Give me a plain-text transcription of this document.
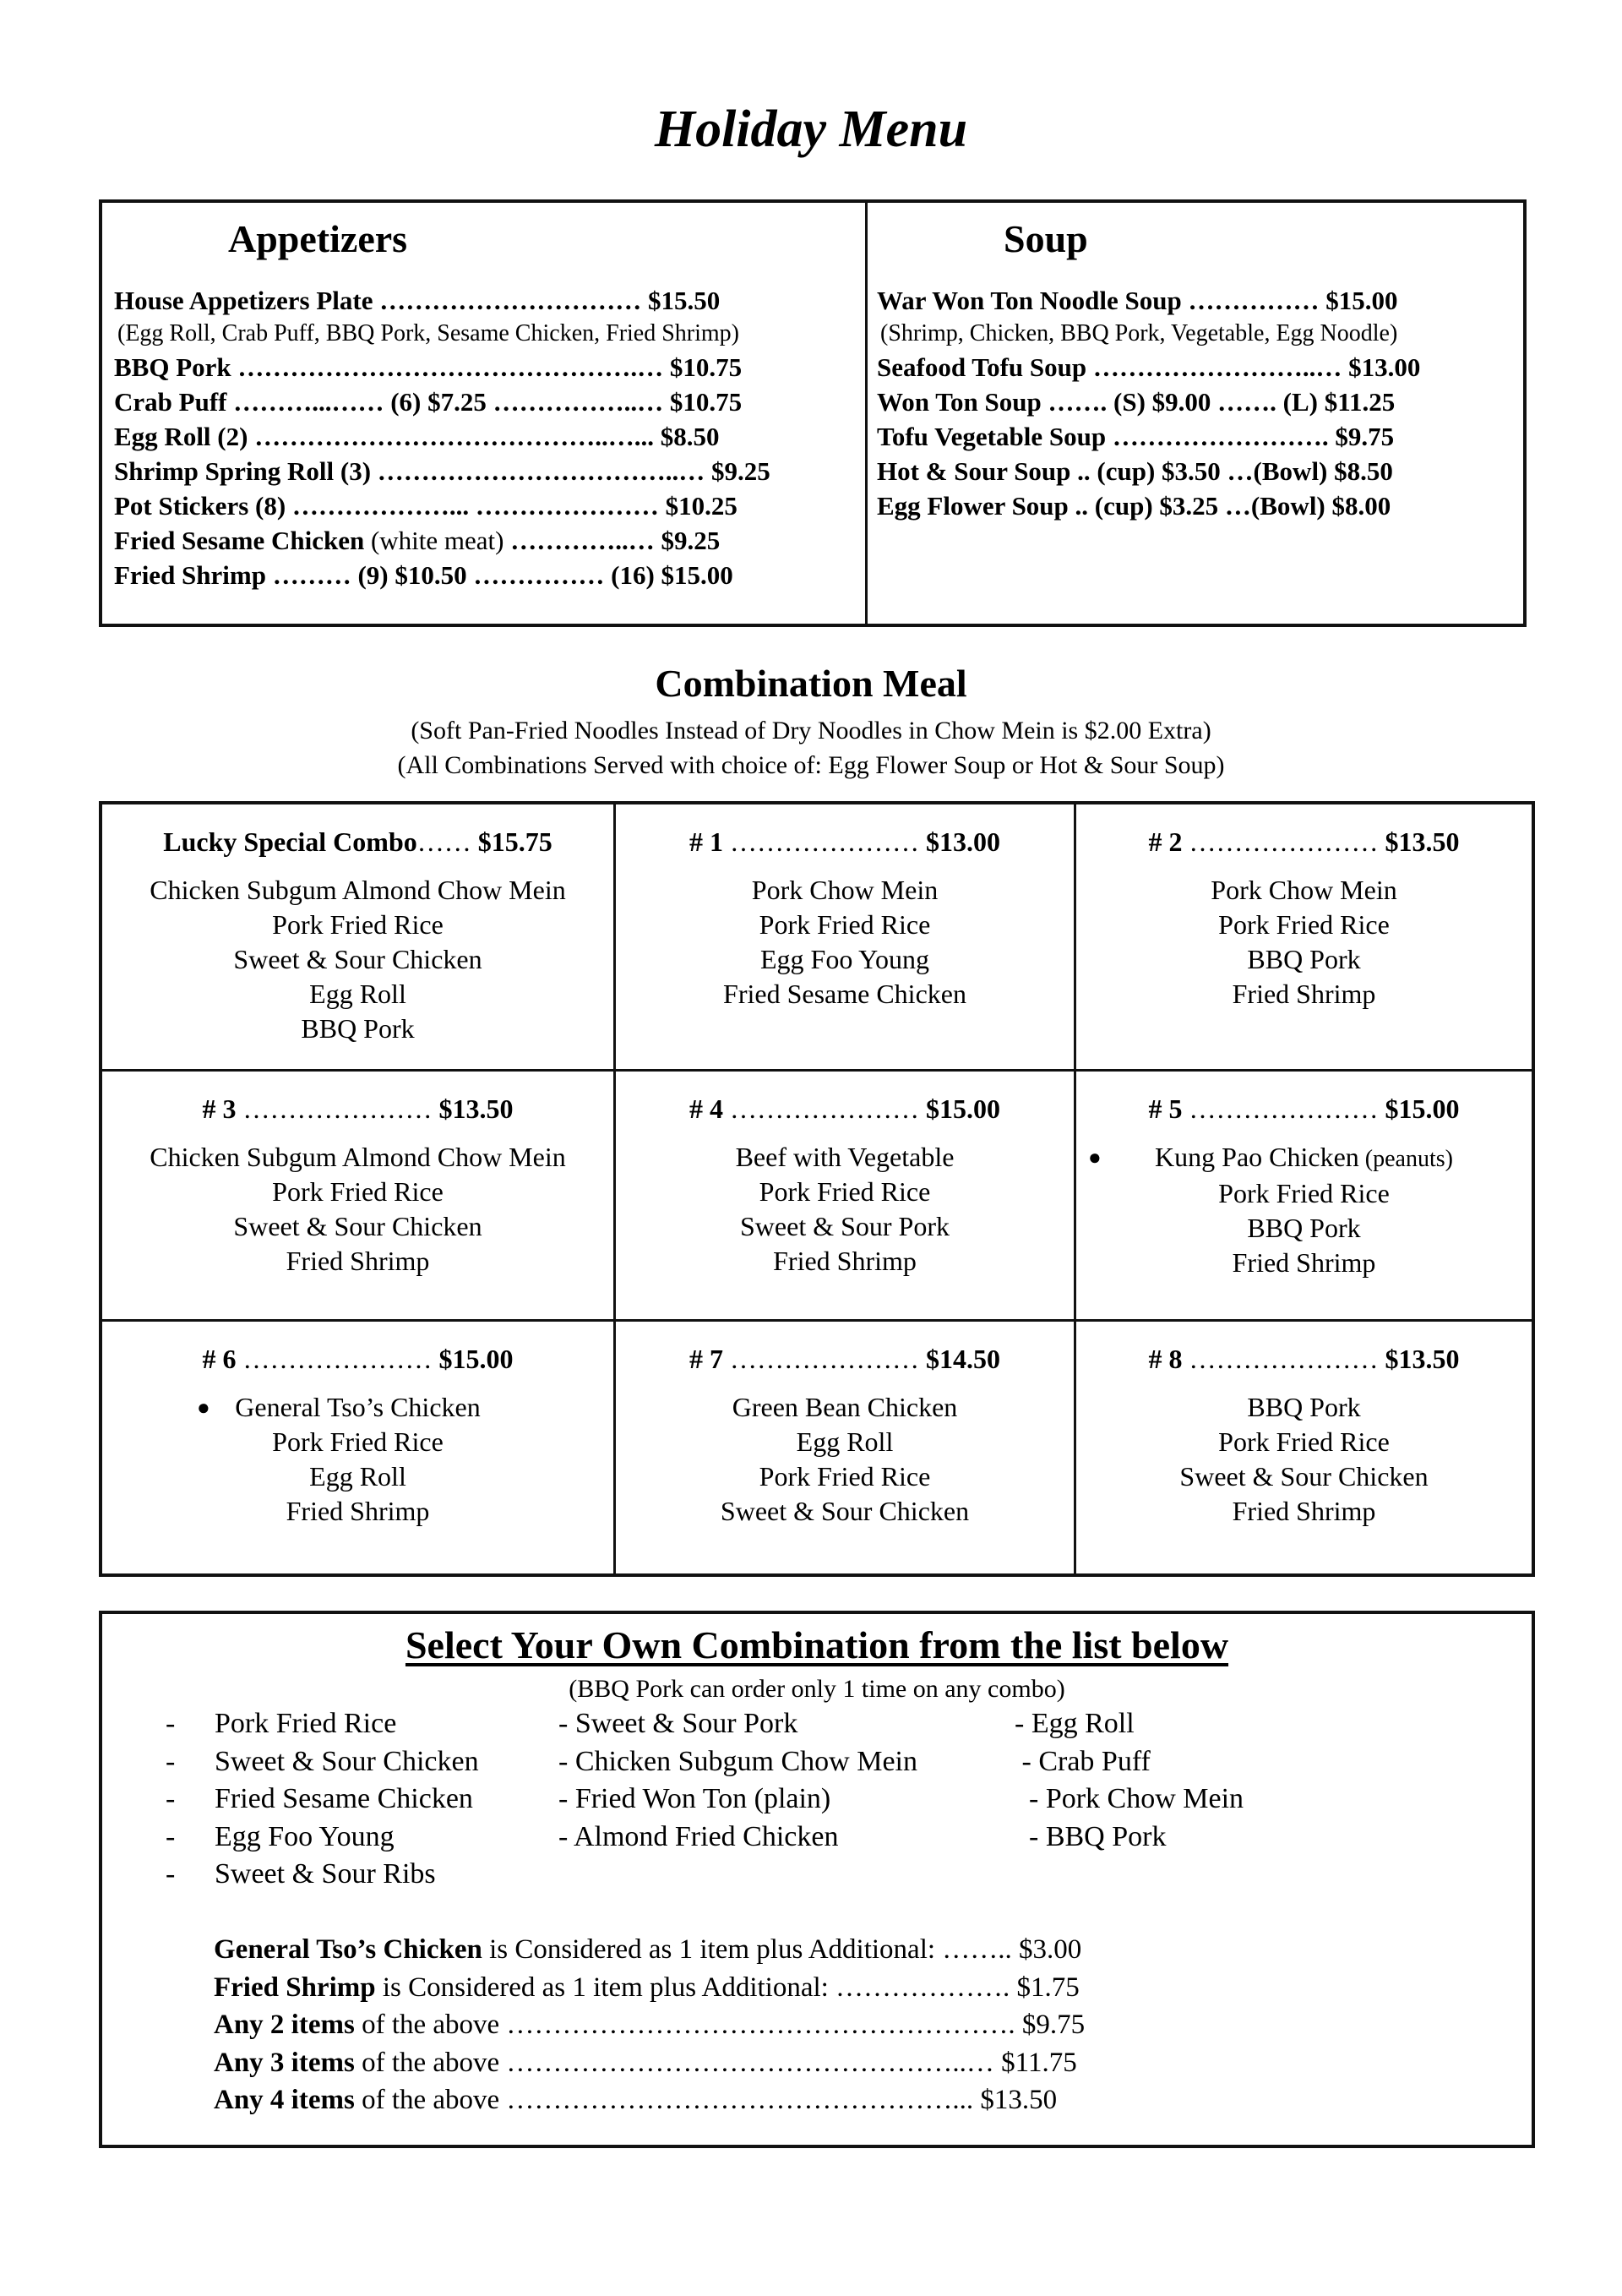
Holiday Menu
Appetizers
House Appetizers Plate ………………………… $15.50
(Egg Roll, Crab Puff, BBQ Pork, Sesame Chicken, Fried Shrimp)
BBQ Pork ……………………………………….… $10.75
Crab Puff ………...…… (6) $7.25 ……………..… $10.75
Egg Roll (2) …………………………………..…... $8.50
Shrimp Spring Roll (3) ……………………………..… $9.25
Pot Stickers (8) ………………... ………………… $10.25
Fried Sesame Chicken (white meat) …………..… $9.25
Fried Shrimp ……… (9) $10.50 …………… (16) $15.00
Soup
War Won Ton Noodle Soup …………… $15.00
(Shrimp, Chicken, BBQ Pork, Vegetable, Egg Noodle)
Seafood Tofu Soup ……………………..… $13.00
Won Ton Soup ……. (S) $9.00 ……. (L) $11.25
Tofu Vegetable Soup ……………………. $9.75
Hot & Sour Soup .. (cup) $3.50 …(Bowl) $8.50
Egg Flower Soup .. (cup) $3.25 …(Bowl) $8.00
Combination Meal
(Soft Pan-Fried Noodles Instead of Dry Noodles in Chow Mein is $2.00 Extra)
(All Combinations Served with choice of: Egg Flower Soup or Hot & Sour Soup)
Lucky Special Combo…… $15.75
Chicken Subgum Almond Chow Mein
Pork Fried Rice
Sweet & Sour Chicken
Egg Roll
BBQ Pork
# 1 ………………… $13.00
Pork Chow Mein
Pork Fried Rice
Egg Foo Young
Fried Sesame Chicken
# 2 ………………… $13.50
Pork Chow Mein
Pork Fried Rice
BBQ Pork
Fried Shrimp
# 3 ………………… $13.50
Chicken Subgum Almond Chow Mein
Pork Fried Rice
Sweet & Sour Chicken
Fried Shrimp
# 4 ………………… $15.00
Beef with Vegetable
Pork Fried Rice
Sweet & Sour Pork
Fried Shrimp
# 5 ………………… $15.00
● Kung Pao Chicken (peanuts)
Pork Fried Rice
BBQ Pork
Fried Shrimp
# 6 ………………… $15.00
● General Tso’s Chicken
Pork Fried Rice
Egg Roll
Fried Shrimp
# 7 ………………… $14.50
Green Bean Chicken
Egg Roll
Pork Fried Rice
Sweet & Sour Chicken
# 8 ………………… $13.50
BBQ Pork
Pork Fried Rice
Sweet & Sour Chicken
Fried Shrimp
Select Your Own Combination from the list below
(BBQ Pork can order only 1 time on any combo)
- Pork Fried Rice
- Sweet & Sour Chicken
- Fried Sesame Chicken
- Egg Foo Young
- Sweet & Sour Ribs
- Sweet & Sour Pork
- Chicken Subgum Chow Mein
- Fried Won Ton (plain)
- Almond Fried Chicken
- Egg Roll
- Crab Puff
- Pork Chow Mein
- BBQ Pork
General Tso’s Chicken is Considered as 1 item plus Additional: …….. $3.00
Fried Shrimp is Considered as 1 item plus Additional: ………………. $1.75
Any 2 items of the above ………………………………………………. $9.75
Any 3 items of the above …………………………………………..… $11.75
Any 4 items of the above …………………………………………... $13.50
